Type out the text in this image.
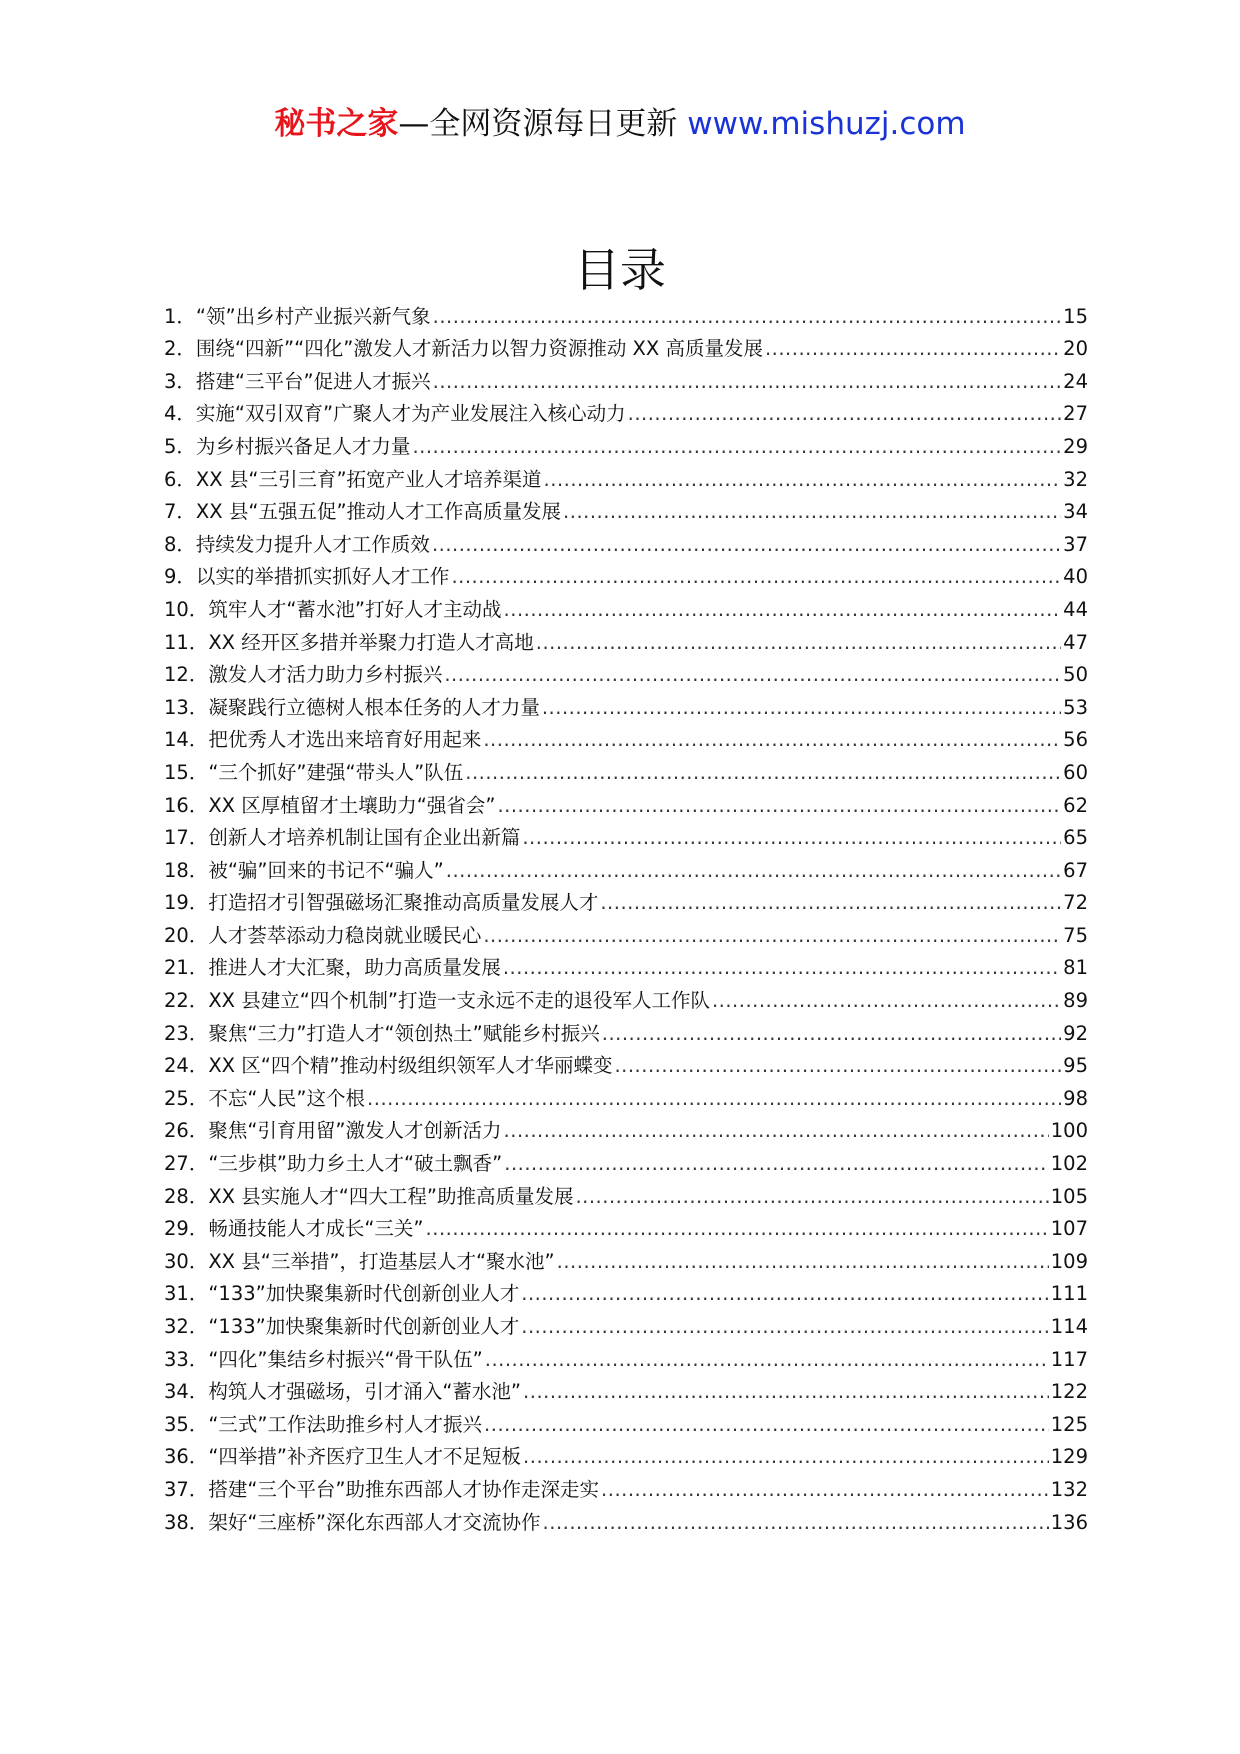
秘书之家—全网资源每日更新 www.mishuzj.com
目录
1．“领”出乡村产业振兴新气象 .....	15
2．围绕“四新”“四化”激发人才新活力以智力资源推动 XX 高质量发展 .....	20
3．搭建“三平台”促进人才振兴 .....	24
4．实施“双引双育”广聚人才为产业发展注入核心动力 .....	27
5．为乡村振兴备足人才力量 .....	29
6．XX 县“三引三育”拓宽产业人才培养渠道 .....	32
7．XX 县“五强五促”推动人才工作高质量发展 .....	34
8．持续发力提升人才工作质效 .....	37
9．以实的举措抓实抓好人才工作 .....	40
10．筑牢人才“蓄水池”打好人才主动战 .....	44
11．XX 经开区多措并举聚力打造人才高地 .....	47
12．激发人才活力助力乡村振兴 .....	50
13．凝聚践行立德树人根本任务的人才力量 .....	53
14．把优秀人才选出来培育好用起来 .....	56
15．“三个抓好”建强“带头人”队伍 .....	60
16．XX 区厚植留才土壤助力“强省会” .....	62
17．创新人才培养机制让国有企业出新篇 .....	65
18．被“骗”回来的书记不“骗人” .....	67
19．打造招才引智强磁场汇聚推动高质量发展人才 .....	72
20．人才荟萃添动力稳岗就业暖民心 .....	75
21．推进人才大汇聚，助力高质量发展 .....	81
22．XX 县建立“四个机制”打造一支永远不走的退役军人工作队 .....	89
23．聚焦“三力”打造人才“领创热土”赋能乡村振兴 .....	92
24．XX 区“四个精”推动村级组织领军人才华丽蝶变 .....	95
25．不忘“人民”这个根 .....	98
26．聚焦“引育用留”激发人才创新活力 .....	100
27．“三步棋”助力乡土人才“破土飘香” .....	102
28．XX 县实施人才“四大工程”助推高质量发展 .....	105
29．畅通技能人才成长“三关” .....	107
30．XX 县“三举措”，打造基层人才“聚水池” .....	109
31．“133”加快聚集新时代创新创业人才 .....	111
32．“133”加快聚集新时代创新创业人才 .....	114
33．“四化”集结乡村振兴“骨干队伍” .....	117
34．构筑人才强磁场，引才涌入“蓄水池” .....	122
35．“三式”工作法助推乡村人才振兴 .....	125
36．“四举措”补齐医疗卫生人才不足短板 .....	129
37．搭建“三个平台”助推东西部人才协作走深走实 .....	132
38．架好“三座桥”深化东西部人才交流协作 .....	136
